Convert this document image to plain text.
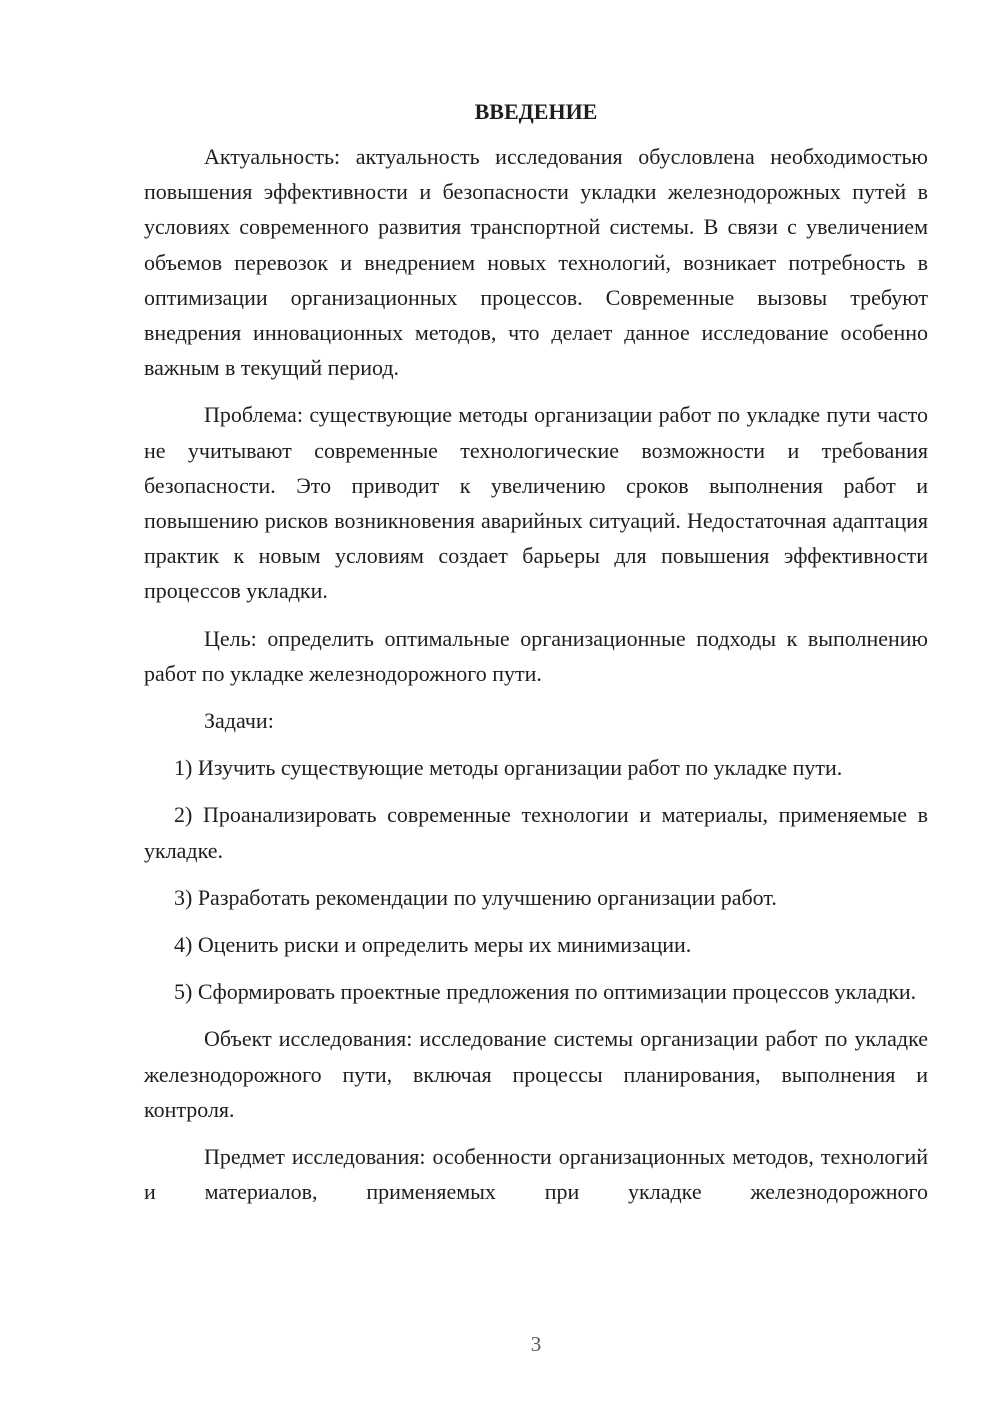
ВВЕДЕНИЕ

Актуальность: актуальность исследования обусловлена необходимостью повышения эффективности и безопасности укладки железнодорожных путей в условиях современного развития транспортной системы. В связи с увеличением объемов перевозок и внедрением новых технологий, возникает потребность в оптимизации организационных процессов. Современные вызовы требуют внедрения инновационных методов, что делает данное исследование особенно важным в текущий период.

Проблема: существующие методы организации работ по укладке пути часто не учитывают современные технологические возможности и требования безопасности. Это приводит к увеличению сроков выполнения работ и повышению рисков возникновения аварийных ситуаций. Недостаточная адаптация практик к новым условиям создает барьеры для повышения эффективности процессов укладки.

Цель: определить оптимальные организационные подходы к выполнению работ по укладке железнодорожного пути.

Задачи:

1) Изучить существующие методы организации работ по укладке пути.

2) Проанализировать современные технологии и материалы, применяемые в укладке.

3) Разработать рекомендации по улучшению организации работ.

4) Оценить риски и определить меры их минимизации.

5) Сформировать проектные предложения по оптимизации процессов укладки.

Объект исследования: исследование системы организации работ по укладке железнодорожного пути, включая процессы планирования, выполнения и контроля.

Предмет исследования: особенности организационных методов, технологий и материалов, применяемых при укладке железнодорожного

3
